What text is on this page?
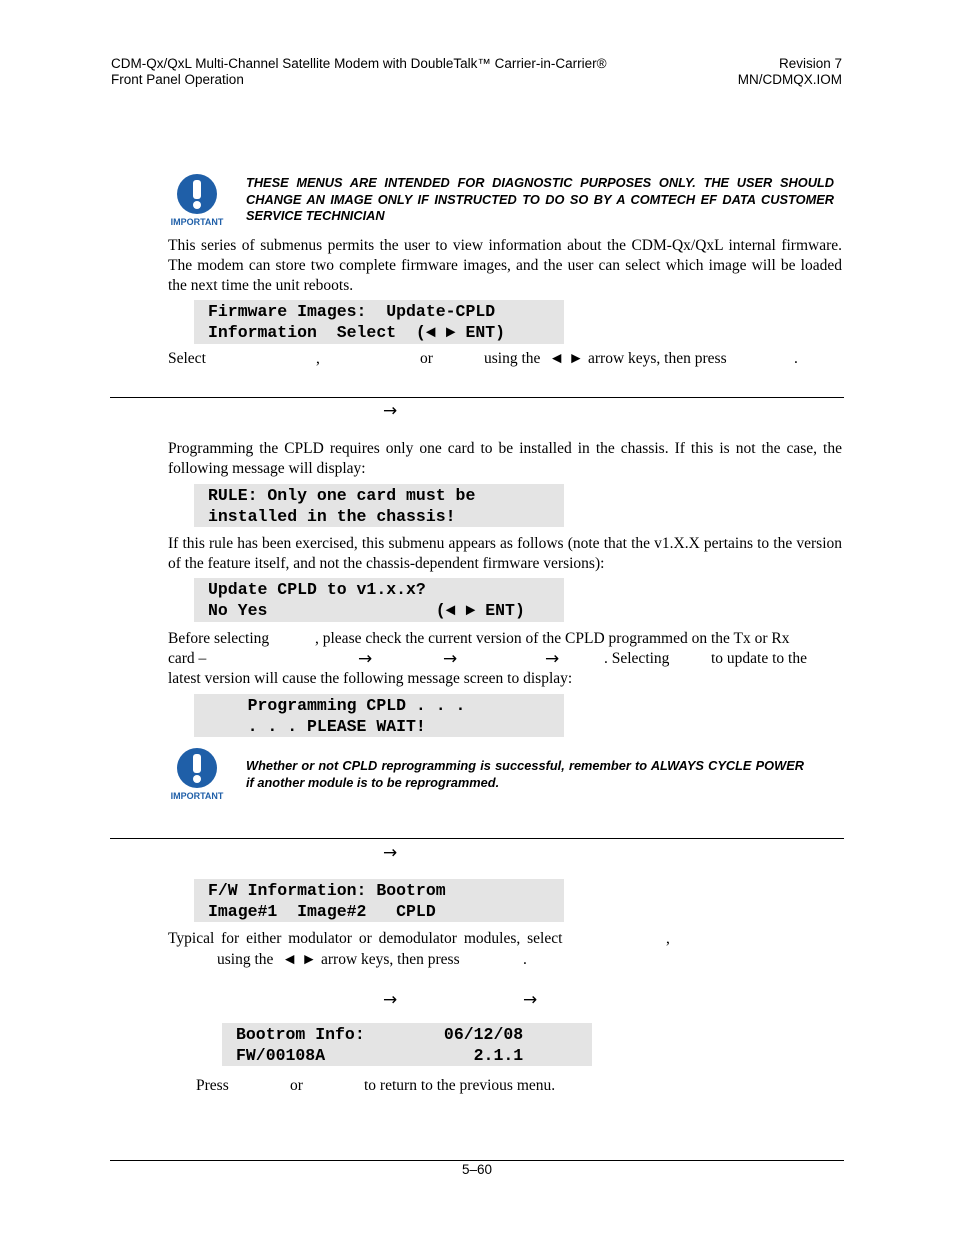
CDM-Qx/QxL Multi-Channel Satellite Modem with DoubleTalk™ Carrier-in-Carrier®
Front Panel Operation
Revision 7
MN/CDMQX.IOM
IMPORTANT
THESE MENUS ARE INTENDED FOR DIAGNOSTIC PURPOSES ONLY. THE USER SHOULD CHANGE AN IMAGE ONLY IF INSTRUCTED TO DO SO BY A COMTECH EF DATA CUSTOMER SERVICE TECHNICIAN
This series of submenus permits the user to view information about the CDM-Qx/QxL internal firmware. The modem can store two complete firmware images, and the user can select which image will be loaded the next time the unit reboots.
Firmware Images:  Update-CPLD
Information  Select  (◄ ► ENT)
Select	,	or	using the ◄ ► arrow keys, then press	.
→
Programming the CPLD requires only one card to be installed in the chassis. If this is not the case, the following message will display:
RULE: Only one card must be
installed in the chassis!
If this rule has been exercised, this submenu appears as follows (note that the v1.X.X pertains to the version of the feature itself, and not the chassis-dependent firmware versions):
Update CPLD to v1.x.x?
No Yes                 (◄ ► ENT)
Before selecting	, please check the current version of the CPLD programmed on the Tx or Rx
card –	→	→	→	. Selecting	to update to the
latest version will cause the following message screen to display:
Programming CPLD . . .
. . . PLEASE WAIT!
IMPORTANT
Whether or not CPLD reprogramming is successful, remember to ALWAYS CYCLE POWER if another module is to be reprogrammed.
→
F/W Information: Bootrom
Image#1  Image#2   CPLD
Typical for either modulator or demodulator modules, select	,
using the ◄ ► arrow keys, then press	.
→	→
Bootrom Info:        06/12/08
FW/00108A               2.1.1
Press	or	to return to the previous menu.
5–60
